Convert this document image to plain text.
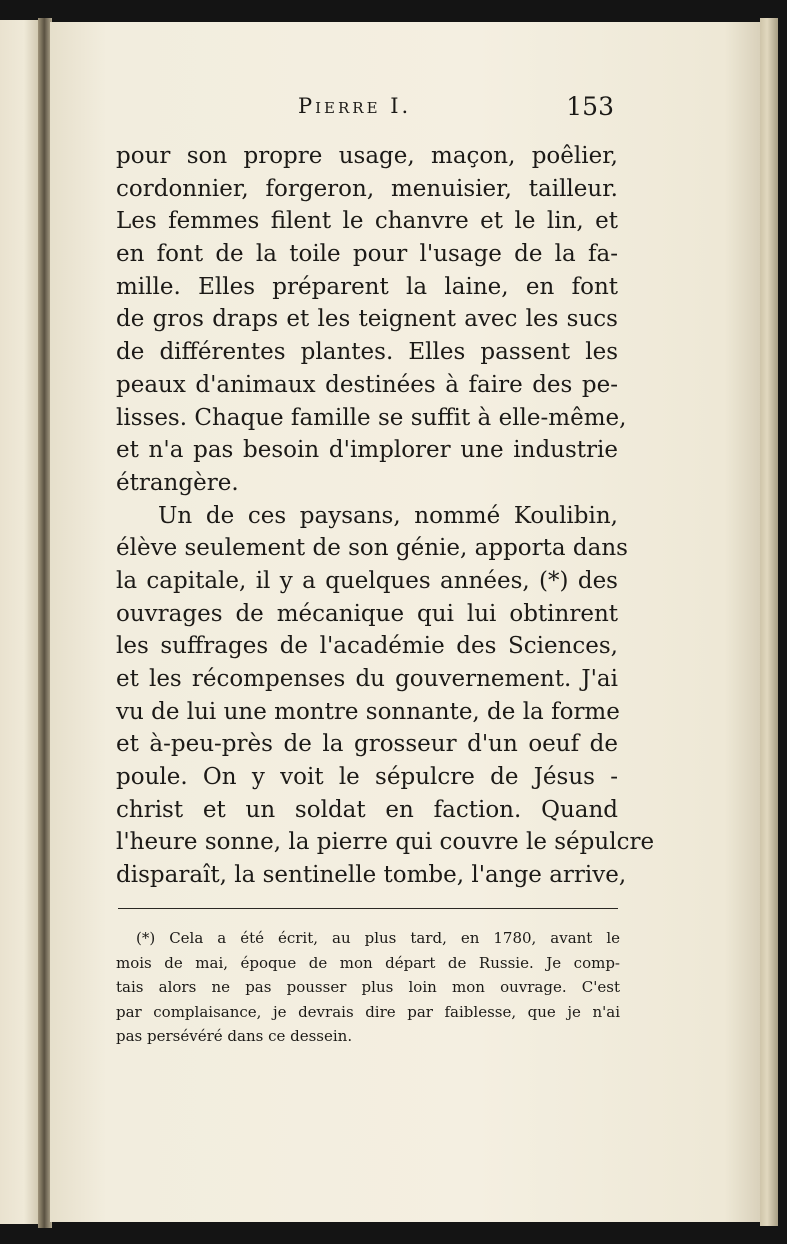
Pierre I.	153
pour son propre usage, maçon, poêlier,
cordonnier, forgeron, menuisier, tailleur.
Les femmes filent le chanvre et le lin, et
en font de la toile pour l'usage de la fa-
mille. Elles préparent la laine, en font
de gros draps et les teignent avec les sucs
de différentes plantes. Elles passent les
peaux d'animaux destinées à faire des pe-
lisses. Chaque famille se suffit à elle-même,
et n'a pas besoin d'implorer une industrie
étrangère.
Un de ces paysans, nommé Koulibin,
élève seulement de son génie, apporta dans
la capitale, il y a quelques années, (*) des
ouvrages de mécanique qui lui obtinrent
les suffrages de l'académie des Sciences,
et les récompenses du gouvernement. J'ai
vu de lui une montre sonnante, de la forme
et à-peu-près de la grosseur d'un oeuf de
poule. On y voit le sépulcre de Jésus -
christ et un soldat en faction. Quand
l'heure sonne, la pierre qui couvre le sépulcre
disparaît, la sentinelle tombe, l'ange arrive,
(*) Cela a été écrit, au plus tard, en 1780, avant le
mois de mai, époque de mon départ de Russie. Je comp-
tais alors ne pas pousser plus loin mon ouvrage. C'est
par complaisance, je devrais dire par faiblesse, que je n'ai
pas persévéré dans ce dessein.
